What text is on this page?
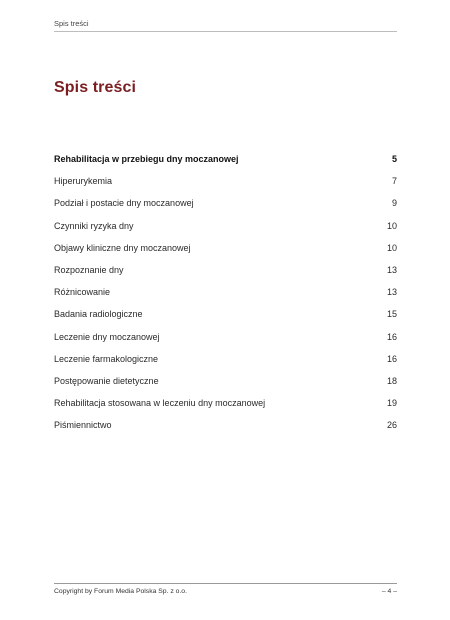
Spis treści
Spis treści
Rehabilitacja w przebiegu dny moczanowej	5
Hiperurykemia	7
Podział i postacie dny moczanowej	9
Czynniki ryzyka dny	10
Objawy kliniczne dny moczanowej	10
Rozpoznanie dny	13
Różnicowanie	13
Badania radiologiczne	15
Leczenie dny moczanowej	16
Leczenie farmakologiczne	16
Postępowanie dietetyczne	18
Rehabilitacja stosowana w leczeniu dny moczanowej	19
Piśmiennictwo	26
Copyright by Forum Media Polska Sp. z o.o.	– 4 –
